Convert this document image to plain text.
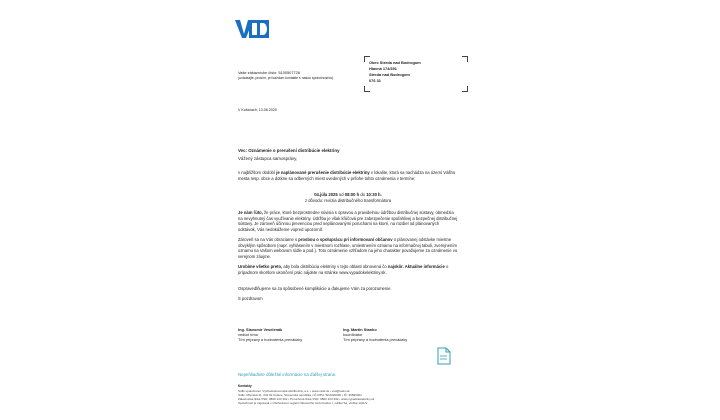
Vaše zákaznícke číslo: 5100507726
(uvádzajte, prosím, pri každom kontakte s našou spoločnosťou)
Obec Streda nad Bodrogom
Hlavná 174/391
Streda nad Bodrogom
076 31
V Košiciach, 13.06.2025
Vec: Oznámenie o prerušení distribúcie elektriny
Vážený zástupca samosprávy,
v najbližšom období je naplánované prerušenie distribúcie elektriny v lokalite, ktorá sa nachádza na území Vášho mesta resp. obce a dotkne sa odberných miest uvedených v prílohe tohto oznámenia v termíne:
04.júla 2025 od 08:00 h do 10:30 h.
z dôvodu: revízia distribučného transformátora
Je nám ľúto, že práce, ktoré bezprostredne súvisia s opravou a pravidelnou údržbou distribučnej sústavy, obmedzia na nevyhnutný čas využívanie elektriny. Údržba je však kľúčová pre zabezpečenie spoľahlivej a bezpečnej distribučnej sústavy. Je zároveň účinnou prevenciou pred neplánovanými poruchami na ktoré, na rozdiel od plánovaných odstávok, Vás nedokážeme vopred upozorniť.
Zároveň sa na Vás obraciame s prosbou o spoluprácu pri informovaní občanov o plánovanej odstávke miestne obvyklým spôsobom (napr. vyhlásením v miestnom rozhlase, umiestnením oznamu na informačnej tabuli, zverejnením oznamu na Vašom webovom sídle a pod.). Toto oznámenie vzhľadom na jeho charakter považujeme za oznámenie vo verejnom záujme.
Urobíme všetko preto, aby bola distribúcia elektriny v tejto oblasti obnovená čo najskôr. Aktuálne informácie o prípadnom skoršom ukončení prác nájdete na stránke www.vypadokelektriny.sk.
Ospravedlňujeme sa za spôsobené komplikácie a ďakujeme Vám za porozumenie.
S pozdravom
Ing. Slavomír Veselenák
vedúci tímu
Tím prípravy a hodnotenia prevádzky
Ing. Martin Stanko
koordinátor
Tím prípravy a hodnotenia prevádzky
Nepehliadnite dôležité informácie na ďalšej strane.
Kontakty
Sídlo spoločnosti: Východoslovenská distribučná, a.s. • www.vsds.sk • vsd@vsds.sk
Sídlo: Mlynská 31, 042 91 Košice, Slovenská republika • IČ DPH: SK2020000 • IČ: 36599361
Zákaznícka linka VSD: 0800 123 332 • Poruchová linka VSD: 0800 123 332 • www.vypadokelektriny.sk
Spoločnosť je zapísaná v Obchodnom registri Okresného súdu Košice I, oddiel Sa, vložka 1411/V
